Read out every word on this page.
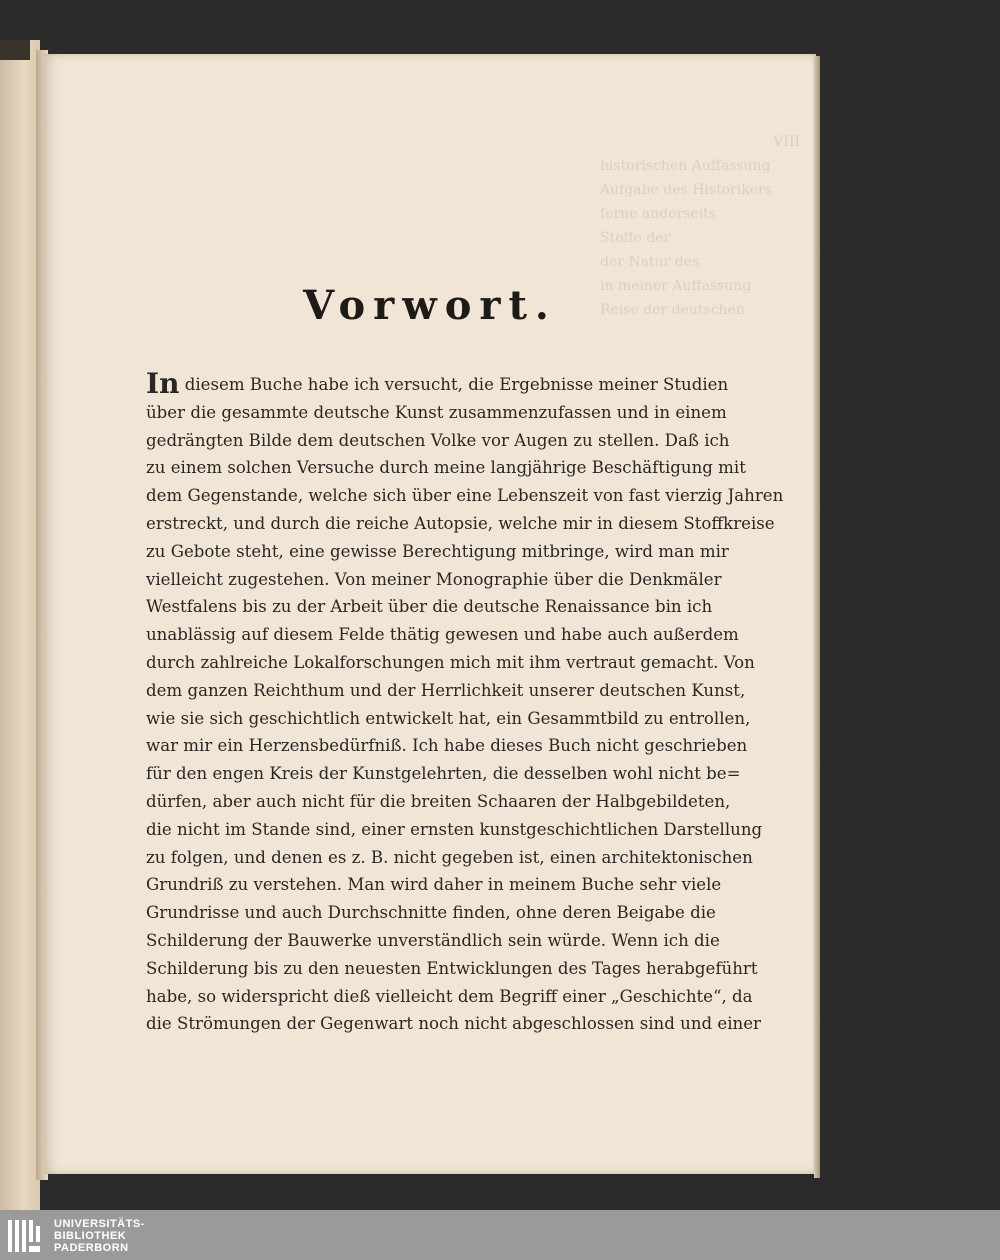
VIII
historischen Auffassung
Aufgabe des Historikers
ferne anderseits
Stoffe der
der Natur des
in meiner Auffassung
Reise der deutschen
Vorwort.
In diesem Buche habe ich versucht, die Ergebnisse meiner Studien
über die gesammte deutsche Kunst zusammenzufassen und in einem
gedrängten Bilde dem deutschen Volke vor Augen zu stellen. Daß ich
zu einem solchen Versuche durch meine langjährige Beschäftigung mit
dem Gegenstande, welche sich über eine Lebenszeit von fast vierzig Jahren
erstreckt, und durch die reiche Autopsie, welche mir in diesem Stoffkreise
zu Gebote steht, eine gewisse Berechtigung mitbringe, wird man mir
vielleicht zugestehen. Von meiner Monographie über die Denkmäler
Westfalens bis zu der Arbeit über die deutsche Renaissance bin ich
unablässig auf diesem Felde thätig gewesen und habe auch außerdem
durch zahlreiche Lokalforschungen mich mit ihm vertraut gemacht. Von
dem ganzen Reichthum und der Herrlichkeit unserer deutschen Kunst,
wie sie sich geschichtlich entwickelt hat, ein Gesammtbild zu entrollen,
war mir ein Herzensbedürfniß. Ich habe dieses Buch nicht geschrieben
für den engen Kreis der Kunstgelehrten, die desselben wohl nicht be=
dürfen, aber auch nicht für die breiten Schaaren der Halbgebildeten,
die nicht im Stande sind, einer ernsten kunstgeschichtlichen Darstellung
zu folgen, und denen es z. B. nicht gegeben ist, einen architektonischen
Grundriß zu verstehen. Man wird daher in meinem Buche sehr viele
Grundrisse und auch Durchschnitte finden, ohne deren Beigabe die
Schilderung der Bauwerke unverständlich sein würde. Wenn ich die
Schilderung bis zu den neuesten Entwicklungen des Tages herabgeführt
habe, so widerspricht dieß vielleicht dem Begriff einer „Geschichte“, da
die Strömungen der Gegenwart noch nicht abgeschlossen sind und einer
UNIVERSITÄTS-
BIBLIOTHEK
PADERBORN
